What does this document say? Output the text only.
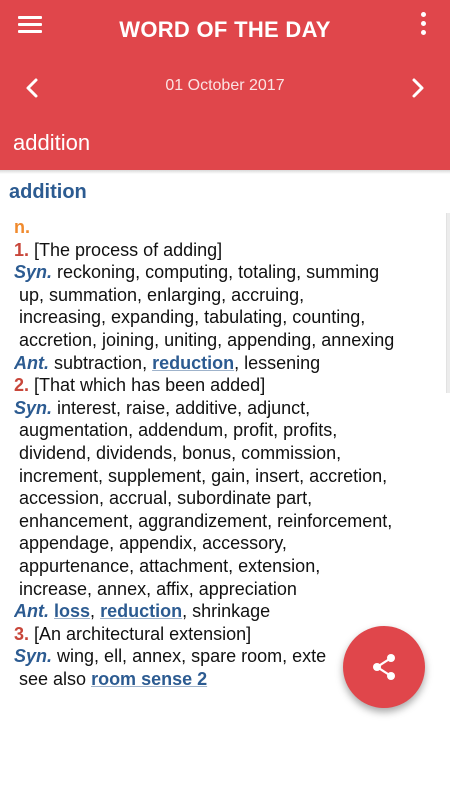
WORD OF THE DAY
01 October 2017
addition
addition
n.
1. [The process of adding]
Syn. reckoning, computing, totaling, summing
up, summation, enlarging, accruing,
increasing, expanding, tabulating, counting,
accretion, joining, uniting, appending, annexing
Ant. subtraction, reduction, lessening
2. [That which has been added]
Syn. interest, raise, additive, adjunct,
augmentation, addendum, profit, profits,
dividend, dividends, bonus, commission,
increment, supplement, gain, insert, accretion,
accession, accrual, subordinate part,
enhancement, aggrandizement, reinforcement,
appendage, appendix, accessory,
appurtenance, attachment, extension,
increase, annex, affix, appreciation
Ant. loss, reduction, shrinkage
3. [An architectural extension]
Syn. wing, ell, annex, spare room, exte
see also room sense 2
